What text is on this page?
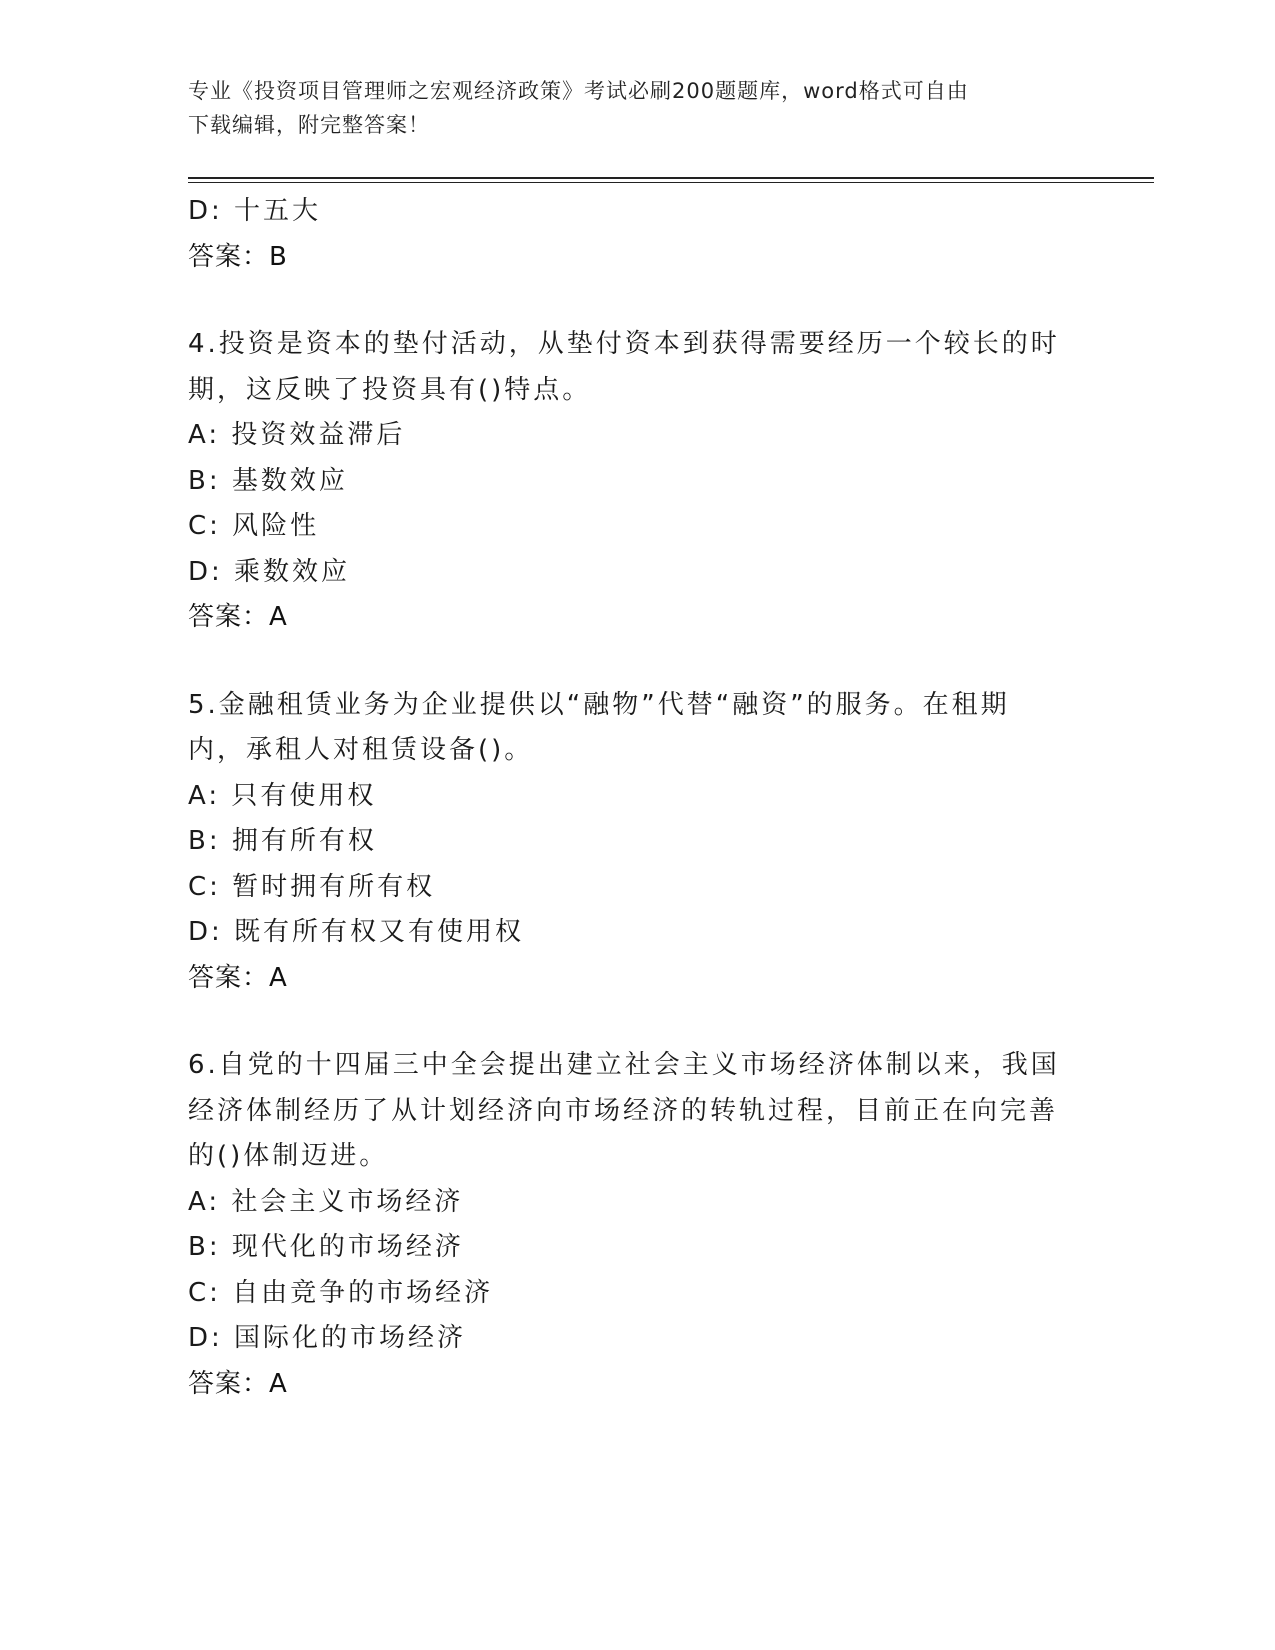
专业《投资项目管理师之宏观经济政策》考试必刷200题题库，word格式可自由
下载编辑，附完整答案！
D: 十五大
答案：B
4.投资是资本的垫付活动，从垫付资本到获得需要经历一个较长的时
期，这反映了投资具有()特点。
A: 投资效益滞后
B: 基数效应
C: 风险性
D: 乘数效应
答案：A
5.金融租赁业务为企业提供以“融物”代替“融资”的服务。在租期
内，承租人对租赁设备()。
A: 只有使用权
B: 拥有所有权
C: 暂时拥有所有权
D: 既有所有权又有使用权
答案：A
6.自党的十四届三中全会提出建立社会主义市场经济体制以来，我国
经济体制经历了从计划经济向市场经济的转轨过程，目前正在向完善
的()体制迈进。
A: 社会主义市场经济
B: 现代化的市场经济
C: 自由竞争的市场经济
D: 国际化的市场经济
答案：A
